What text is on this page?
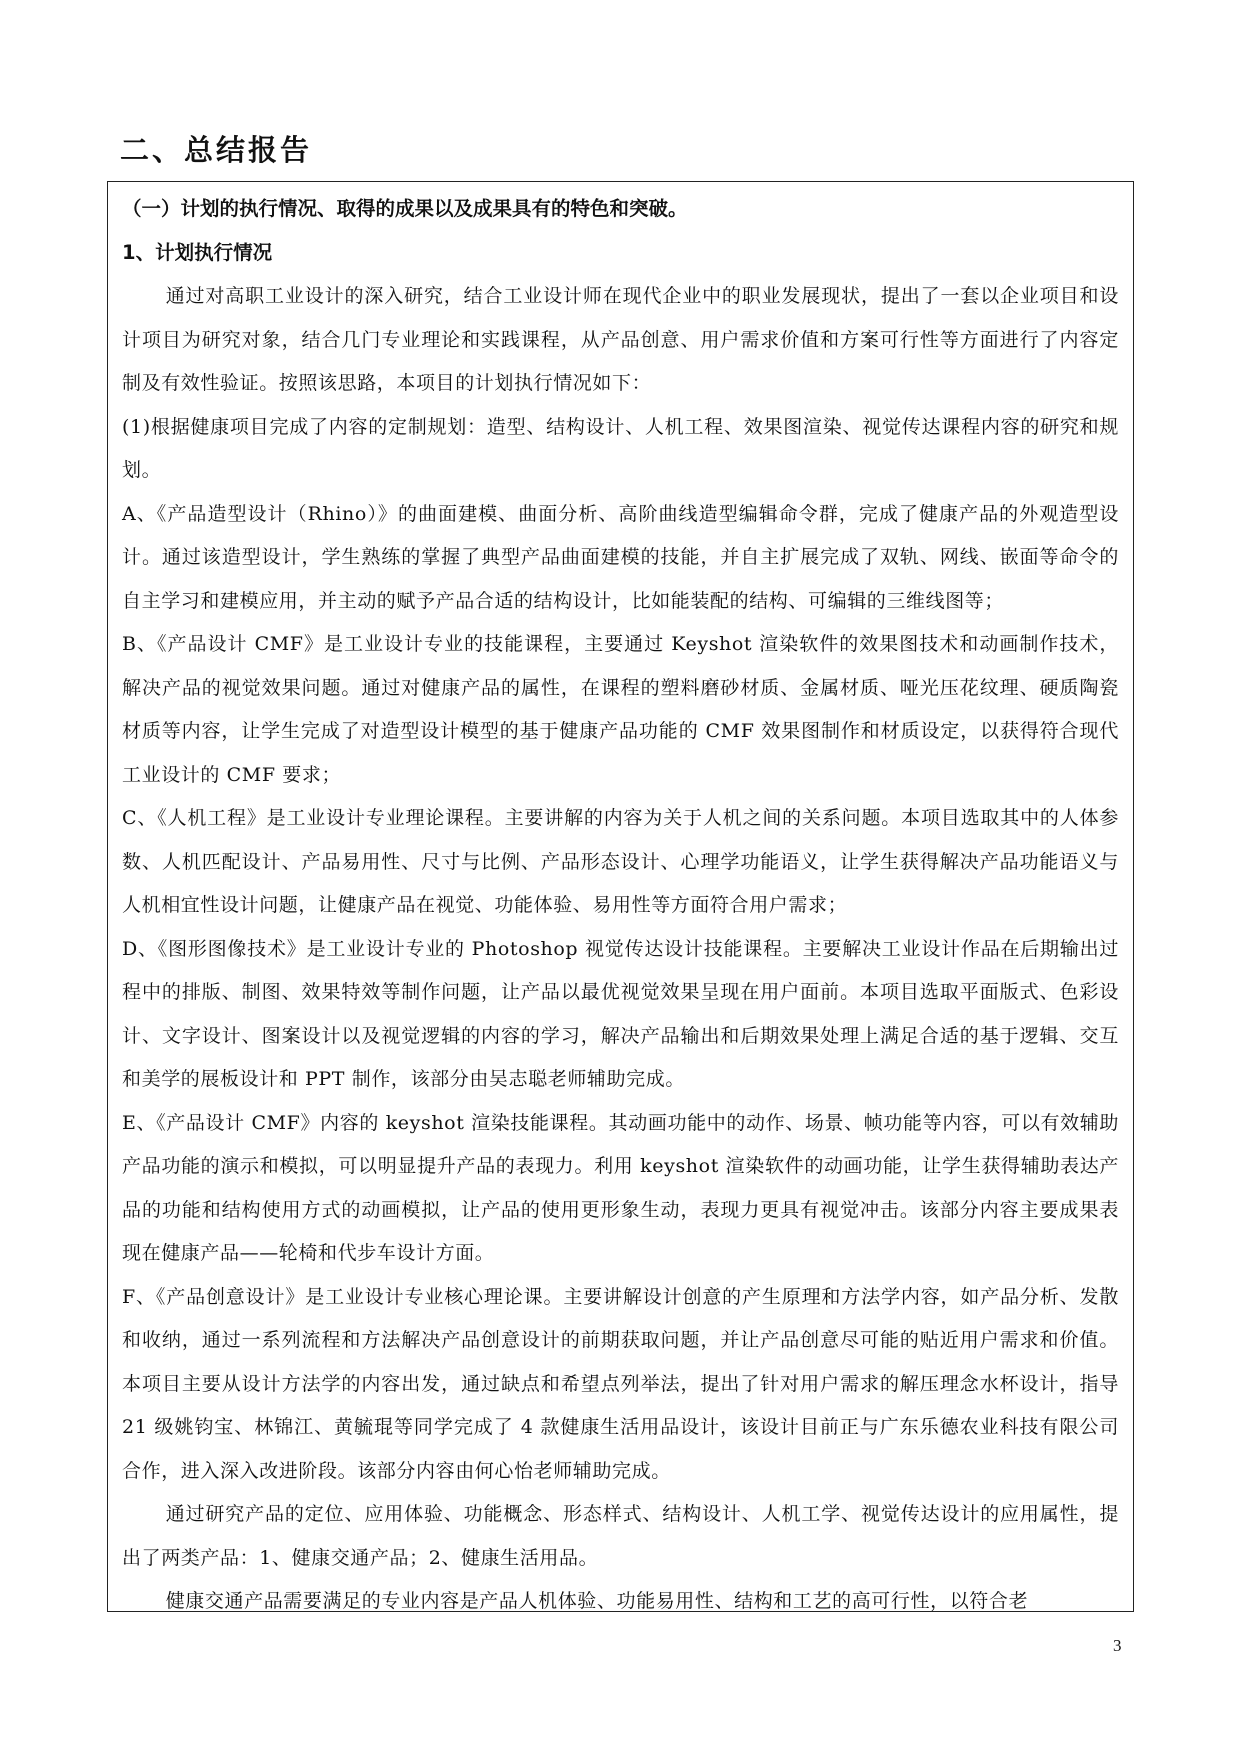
二、总结报告
（一）计划的执行情况、取得的成果以及成果具有的特色和突破。
1、计划执行情况

通过对高职工业设计的深入研究，结合工业设计师在现代企业中的职业发展现状，提出了一套以企业项目和设计项目为研究对象，结合几门专业理论和实践课程，从产品创意、用户需求价值和方案可行性等方面进行了内容定制及有效性验证。按照该思路，本项目的计划执行情况如下：

(1)根据健康项目完成了内容的定制规划：造型、结构设计、人机工程、效果图渲染、视觉传达课程内容的研究和规划。

A、《产品造型设计（Rhino）》的曲面建模、曲面分析、高阶曲线造型编辑命令群，完成了健康产品的外观造型设计。通过该造型设计，学生熟练的掌握了典型产品曲面建模的技能，并自主扩展完成了双轨、网线、嵌面等命令的自主学习和建模应用，并主动的赋予产品合适的结构设计，比如能装配的结构、可编辑的三维线图等；

B、《产品设计 CMF》是工业设计专业的技能课程，主要通过 Keyshot 渲染软件的效果图技术和动画制作技术，解决产品的视觉效果问题。通过对健康产品的属性，在课程的塑料磨砂材质、金属材质、哑光压花纹理、硬质陶瓷材质等内容，让学生完成了对造型设计模型的基于健康产品功能的 CMF 效果图制作和材质设定，以获得符合现代工业设计的 CMF 要求；

C、《人机工程》是工业设计专业理论课程。主要讲解的内容为关于人机之间的关系问题。本项目选取其中的人体参数、人机匹配设计、产品易用性、尺寸与比例、产品形态设计、心理学功能语义，让学生获得解决产品功能语义与人机相宜性设计问题，让健康产品在视觉、功能体验、易用性等方面符合用户需求；

D、《图形图像技术》是工业设计专业的 Photoshop 视觉传达设计技能课程。主要解决工业设计作品在后期输出过程中的排版、制图、效果特效等制作问题，让产品以最优视觉效果呈现在用户面前。本项目选取平面版式、色彩设计、文字设计、图案设计以及视觉逻辑的内容的学习，解决产品输出和后期效果处理上满足合适的基于逻辑、交互和美学的展板设计和 PPT 制作，该部分由吴志聪老师辅助完成。

E、《产品设计 CMF》内容的 keyshot 渲染技能课程。其动画功能中的动作、场景、帧功能等内容，可以有效辅助产品功能的演示和模拟，可以明显提升产品的表现力。利用 keyshot 渲染软件的动画功能，让学生获得辅助表达产品的功能和结构使用方式的动画模拟，让产品的使用更形象生动，表现力更具有视觉冲击。该部分内容主要成果表现在健康产品——轮椅和代步车设计方面。

F、《产品创意设计》是工业设计专业核心理论课。主要讲解设计创意的产生原理和方法学内容，如产品分析、发散和收纳，通过一系列流程和方法解决产品创意设计的前期获取问题，并让产品创意尽可能的贴近用户需求和价值。本项目主要从设计方法学的内容出发，通过缺点和希望点列举法，提出了针对用户需求的解压理念水杯设计，指导 21 级姚钧宝、林锦江、黄毓琨等同学完成了 4 款健康生活用品设计，该设计目前正与广东乐德农业科技有限公司合作，进入深入改进阶段。该部分内容由何心怡老师辅助完成。

通过研究产品的定位、应用体验、功能概念、形态样式、结构设计、人机工学、视觉传达设计的应用属性，提出了两类产品：1、健康交通产品；2、健康生活用品。

健康交通产品需要满足的专业内容是产品人机体验、功能易用性、结构和工艺的高可行性，以符合老

3
